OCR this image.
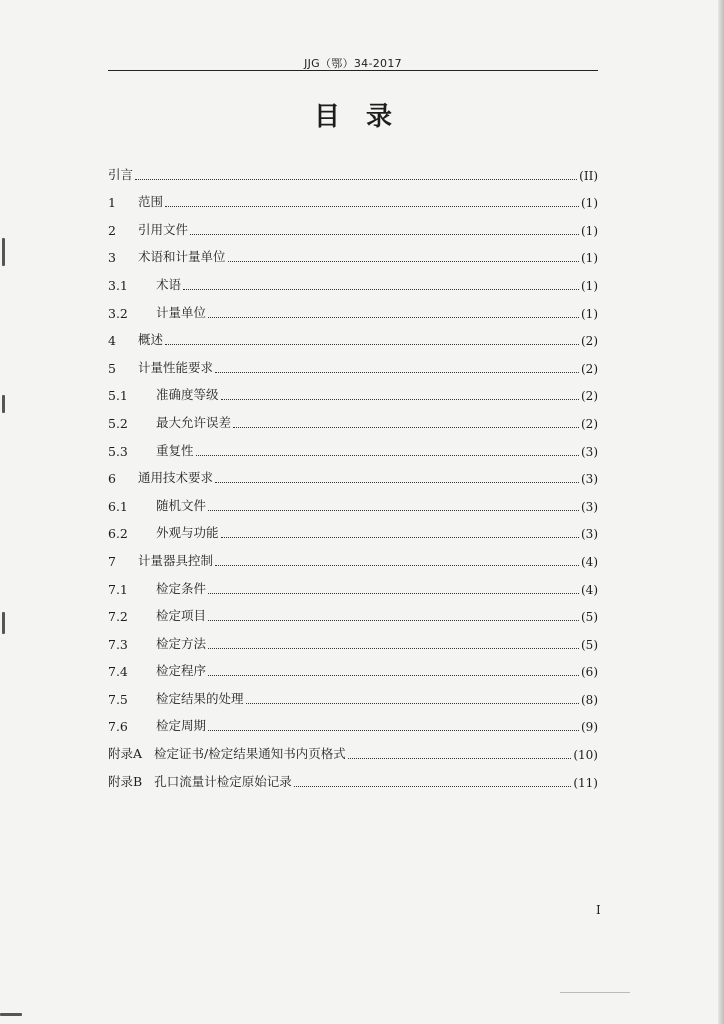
JJG（鄂）34-2017
目录
引言	(II)
1	范围	(1)
2	引用文件	(1)
3	术语和计量单位	(1)
3.1	术语	(1)
3.2	计量单位	(1)
4	概述	(2)
5	计量性能要求	(2)
5.1	准确度等级	(2)
5.2	最大允许误差	(2)
5.3	重复性	(3)
6	通用技术要求	(3)
6.1	随机文件	(3)
6.2	外观与功能	(3)
7	计量器具控制	(4)
7.1	检定条件	(4)
7.2	检定项目	(5)
7.3	检定方法	(5)
7.4	检定程序	(6)
7.5	检定结果的处理	(8)
7.6	检定周期	(9)
附录A 检定证书/检定结果通知书内页格式	(10)
附录B 孔口流量计检定原始记录	(11)
I
